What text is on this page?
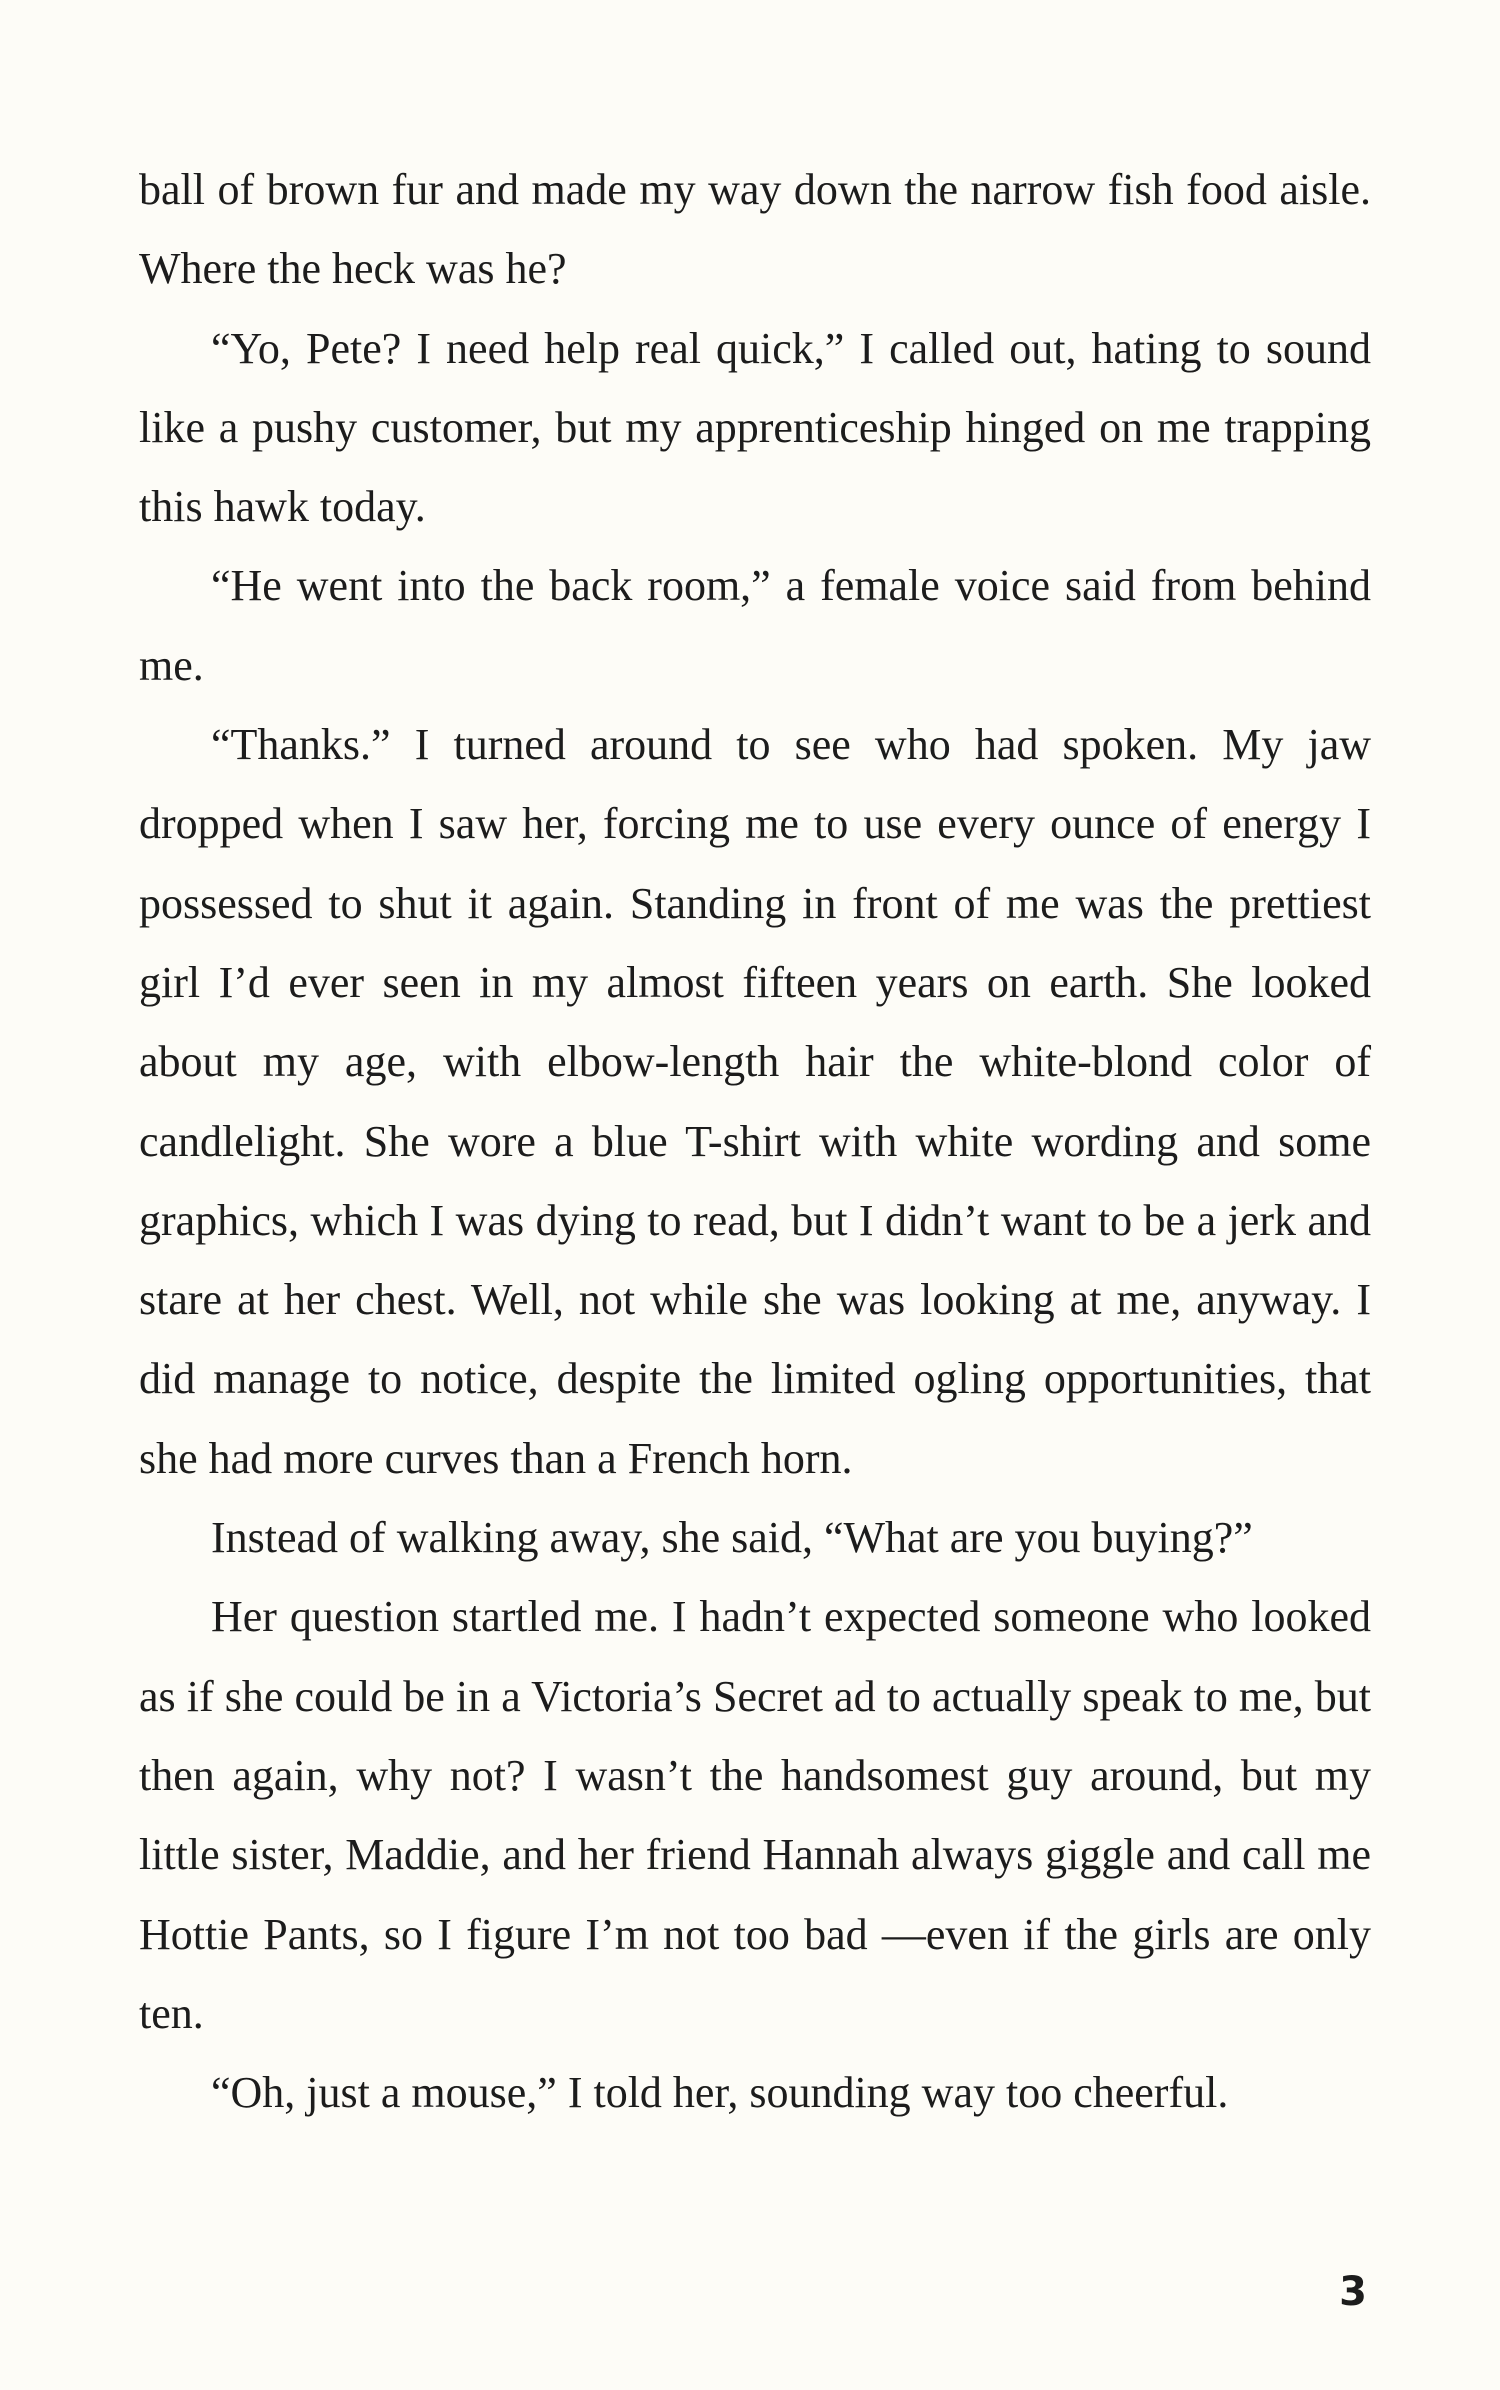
ball of brown fur and made my way down the narrow fish food aisle. Where the heck was he?

“Yo, Pete? I need help real quick,” I called out, hating to sound like a pushy customer, but my apprenticeship hinged on me trapping this hawk today.

“He went into the back room,” a female voice said from behind me.

“Thanks.” I turned around to see who had spoken. My jaw dropped when I saw her, forcing me to use every ounce of energy I possessed to shut it again. Standing in front of me was the prettiest girl I’d ever seen in my almost fifteen years on earth. She looked about my age, with elbow-length hair the white-blond color of candlelight. She wore a blue T-shirt with white wording and some graphics, which I was dying to read, but I didn’t want to be a jerk and stare at her chest. Well, not while she was looking at me, anyway. I did manage to notice, despite the limited ogling opportunities, that she had more curves than a French horn.

Instead of walking away, she said, “What are you buying?”

Her question startled me. I hadn’t expected someone who looked as if she could be in a Victoria’s Secret ad to actually speak to me, but then again, why not? I wasn’t the handsomest guy around, but my little sister, Maddie, and her friend Hannah always giggle and call me Hottie Pants, so I figure I’m not too bad —even if the girls are only ten.

“Oh, just a mouse,” I told her, sounding way too cheerful.

3
